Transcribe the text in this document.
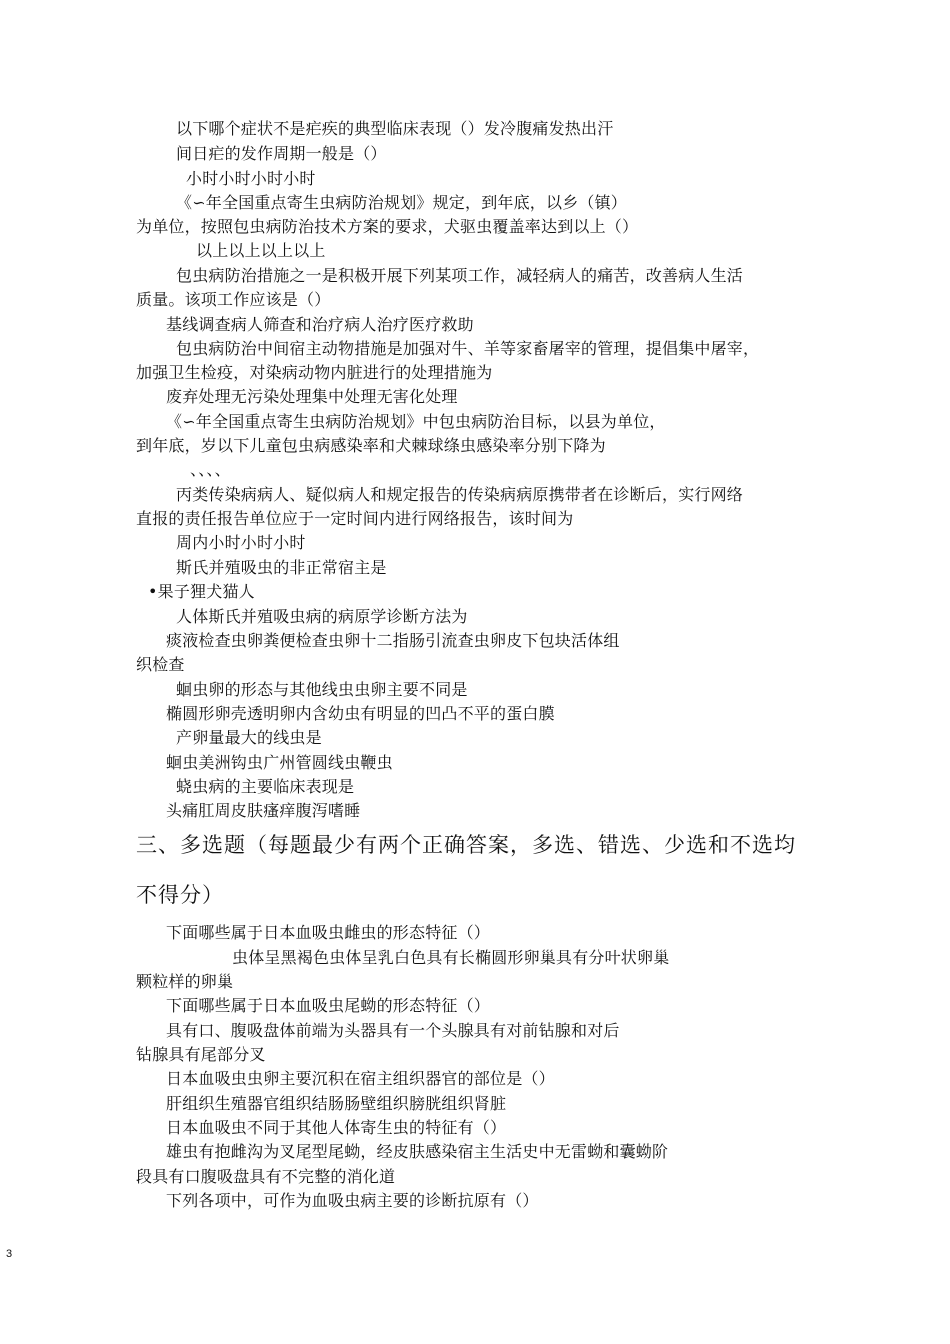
以下哪个症状不是疟疾的典型临床表现（）发冷腹痛发热出汗
间日疟的发作周期一般是（）
小时小时小时小时
《∽年全国重点寄生虫病防治规划》规定，到年底，以乡（镇）
为单位，按照包虫病防治技术方案的要求，犬驱虫覆盖率达到以上（）
以上以上以上以上
包虫病防治措施之一是积极开展下列某项工作，减轻病人的痛苦，改善病人生活
质量。该项工作应该是（）
基线调查病人筛查和治疗病人治疗医疗救助
包虫病防治中间宿主动物措施是加强对牛、羊等家畜屠宰的管理，提倡集中屠宰，
加强卫生检疫，对染病动物内脏进行的处理措施为
废弃处理无污染处理集中处理无害化处理
《∽年全国重点寄生虫病防治规划》中包虫病防治目标，以县为单位，
到年底，岁以下儿童包虫病感染率和犬棘球绦虫感染率分别下降为
、、、、
丙类传染病病人、疑似病人和规定报告的传染病病原携带者在诊断后，实行网络
直报的责任报告单位应于一定时间内进行网络报告，该时间为
周内小时小时小时
斯氏并殖吸虫的非正常宿主是
•果子狸犬猫人
人体斯氏并殖吸虫病的病原学诊断方法为
痰液检查虫卵粪便检查虫卵十二指肠引流查虫卵皮下包块活体组
织检查
蛔虫卵的形态与其他线虫虫卵主要不同是
椭圆形卵壳透明卵内含幼虫有明显的凹凸不平的蛋白膜
产卵量最大的线虫是
蛔虫美洲钩虫广州管圆线虫鞭虫
蛲虫病的主要临床表现是
头痛肛周皮肤瘙痒腹泻嗜睡
三、多选题（每题最少有两个正确答案，多选、错选、少选和不选均
不得分）
下面哪些属于日本血吸虫雌虫的形态特征（）
虫体呈黑褐色虫体呈乳白色具有长椭圆形卵巢具有分叶状卵巢
颗粒样的卵巢
下面哪些属于日本血吸虫尾蚴的形态特征（）
具有口、腹吸盘体前端为头器具有一个头腺具有对前钻腺和对后
钻腺具有尾部分叉
日本血吸虫虫卵主要沉积在宿主组织器官的部位是（）
肝组织生殖器官组织结肠肠壁组织膀胱组织肾脏
日本血吸虫不同于其他人体寄生虫的特征有（）
雄虫有抱雌沟为叉尾型尾蚴，经皮肤感染宿主生活史中无雷蚴和囊蚴阶
段具有口腹吸盘具有不完整的消化道
下列各项中，可作为血吸虫病主要的诊断抗原有（）
3
